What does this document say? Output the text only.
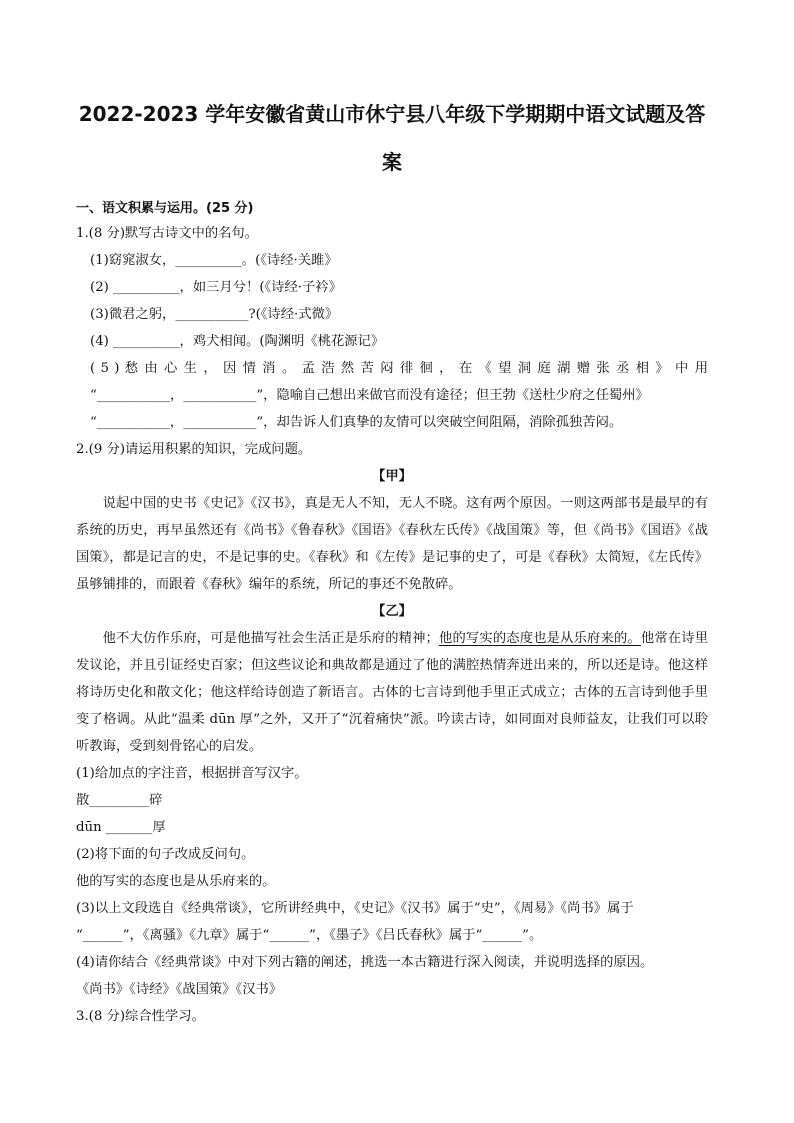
2022-2023 学年安徽省黄山市休宁县八年级下学期期中语文试题及答
案
一、语文积累与运用。(25 分)
1.(8 分)默写古诗文中的名句。
(1)窈窕淑女，__________。(《诗经·关雎》
(2) __________，如三月兮！(《诗经·子衿》
(3)微君之躬，___________?(《诗经·式微》
(4) __________，鸡犬相闻。(陶渊明《桃花源记》
( 5 ) 愁 由 心 生 ， 因 情 消 。 孟 浩 然 苦 闷 徘 徊 ， 在 《 望 洞 庭 湖 赠 张 丞 相 》 中 用
“___________，___________”，隐喻自己想出来做官而没有途径；但王勃《送杜少府之任蜀州》
“___________，___________”，却告诉人们真挚的友情可以突破空间阻隔，消除孤独苦闷。
2.(9 分)请运用积累的知识，完成问题。
【甲】

说起中国的史书《史记》《汉书》，真是无人不知，无人不晓。这有两个原因。一则这两部书是最早的有系统的历史，再早虽然还有《尚书》《鲁春秋》《国语》《春秋左氏传》《战国策》等，但《尚书》《国语》《战国策》，都是记言的史，不是记事的史。《春秋》和《左传》是记事的史了，可是《春秋》太简短，《左氏传》虽够铺排的，而跟着《春秋》编年的系统，所记的事还不免散碎。

【乙】

他不大仿作乐府，可是他描写社会生活正是乐府的精神；他的写实的态度也是从乐府来的。他常在诗里发议论，并且引证经史百家；但这些议论和典故都是通过了他的满腔热情奔迸出来的，所以还是诗。他这样将诗历史化和散文化；他这样给诗创造了新语言。古体的七言诗到他手里正式成立；古体的五言诗到他手里变了格调。从此“温柔 dūn 厚”之外，又开了“沉着痛快”派。吟读古诗，如同面对良师益友，让我们可以聆听教诲，受到刻骨铭心的启发。

(1)给加点的字注音，根据拼音写汉字。
散_________碎
dūn _______厚
(2)将下面的句子改成反问句。
他的写实的态度也是从乐府来的。
(3)以上文段选自《经典常谈》，它所讲经典中，《史记》《汉书》属于“史”，《周易》《尚书》属于
“______”，《离骚》《九章》属于“______”，《墨子》《吕氏春秋》属于“______”。
(4)请你结合《经典常谈》中对下列古籍的阐述，挑选一本古籍进行深入阅读，并说明选择的原因。
《尚书》《诗经》《战国策》《汉书》
3.(8 分)综合性学习。
